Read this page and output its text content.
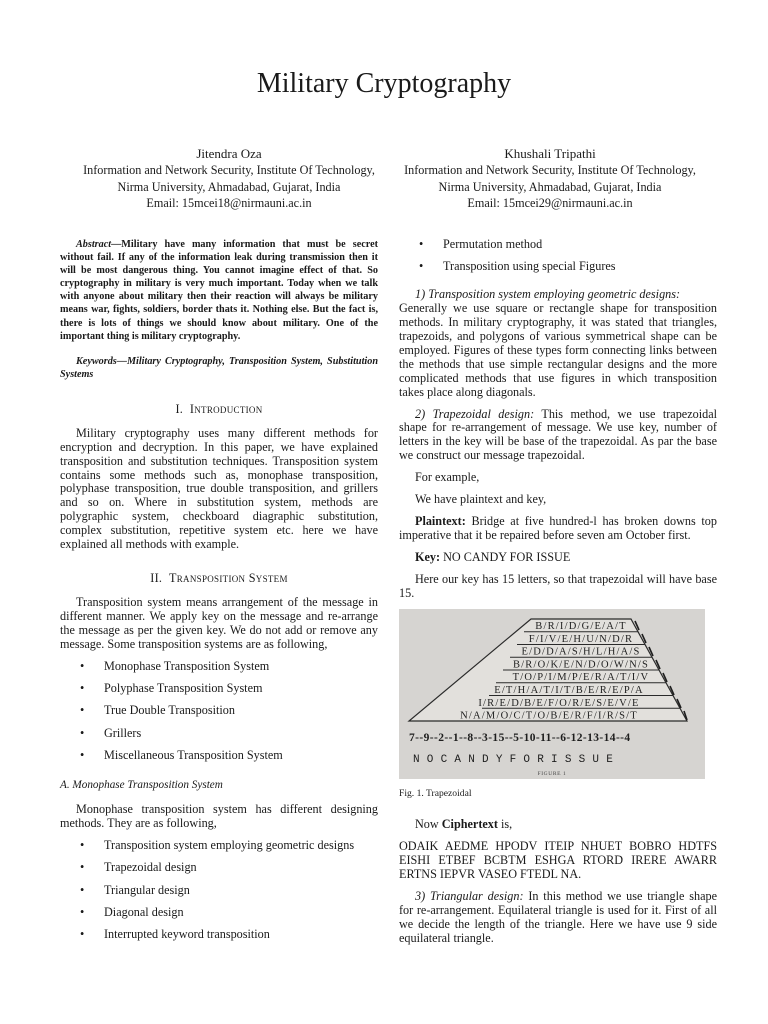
Military Cryptography
Jitendra Oza
Information and Network Security, Institute Of Technology,
Nirma University, Ahmadabad, Gujarat, India
Email: 15mcei18@nirmauni.ac.in
Khushali Tripathi
Information and Network Security, Institute Of Technology,
Nirma University, Ahmadabad, Gujarat, India
Email: 15mcei29@nirmauni.ac.in

Abstract—Military have many information that must be secret without fail. If any of the information leak during transmission then it will be most dangerous thing. You cannot imagine effect of that. So cryptography in military is very much important. Today when we talk with anyone about military then their reaction will always be military means war, fights, soldiers, border thats it. Nothing else. But the fact is, there is lots of things we should know about military. One of the important thing is military cryptography.

Keywords—Military Cryptography, Transposition System, Substitution Systems

I. Introduction

Military cryptography uses many different methods for encryption and decryption. In this paper, we have explained transposition and substitution techniques. Transposition system contains some methods such as, monophase transposition, polyphase transposition, true double transposition, and grillers and so on. Where in substitution system, methods are polygraphic system, checkboard diagraphic substitution, complex substitution, repetitive system etc. here we have explained all methods with example.

II. Transposition System

Transposition system means arrangement of the message in different manner. We apply key on the message and re-arrange the message as per the given key. We do not add or remove any message. Some transposition systems are as following,

• Monophase Transposition System
• Polyphase Transposition System
• True Double Transposition
• Grillers
• Miscellaneous Transposition System
A. Monophase Transposition System

Monophase transposition system has different designing methods. They are as following,

• Transposition system employing geometric designs
• Trapezoidal design
• Triangular design
• Diagonal design
• Interrupted keyword transposition
• Permutation method
• Transposition using special Figures

1) Transposition system employing geometric designs:

Generally we use square or rectangle shape for transposition methods. In military cryptography, it was stated that triangles, trapezoids, and polygons of various symmetrical shape can be employed. Figures of these types form connecting links between the methods that use simple rectangular designs and the more complicated methods that use figures in which transposition takes place along diagonals.

2) Trapezoidal design: This method, we use trapezoidal shape for re-arrangement of message. We use key, number of letters in the key will be base of the trapezoidal. As par the base we construct our message trapezoidal.

For example,

We have plaintext and key,

Plaintext: Bridge at five hundred-l has broken downs top imperative that it be repaired before seven am October first.

Key: NO CANDY FOR ISSUE

Here our key has 15 letters, so that trapezoidal will have base 15.

B/R/I/D/G/E/A/T
F/I/V/E/H/U/N/D/R
E/D/D/A/S/H/L/H/A/S
B/R/O/K/E/N/D/O/W/N/S
T/O/P/I/M/P/E/R/A/T/I/V
E/T/H/A/T/I/T/B/E/R/E/P/A
I/R/E/D/B/E/F/O/R/E/S/E/V/E
N/A/M/O/C/T/O/B/E/R/F/I/R/S/T
7--9--2--1--8--3-15--5-10-11--6-12-13-14--4
N O C A N D Y F O R I S S U E
FIGURE 1
Fig. 1. Trapezoidal

Now Ciphertext is,

ODAIK AEDME HPODV ITEIP NHUET BOBRO HDTFS EISHI ETBEF BCBTM ESHGA RTORD IRERE AWARR ERTNS IEPVR VASEO FTEDL NA.

3) Triangular design: In this method we use triangle shape for re-arrangement. Equilateral triangle is used for it. First of all we decide the length of the triangle. Here we have use 9 side equilateral triangle.
